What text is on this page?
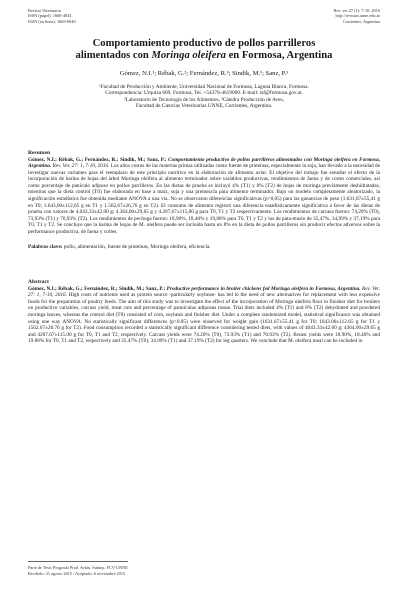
Revista Veterinaria
ISSN (papel): 1668-4834
ISSN (en línea): 1669-6840
Rev. vet 27 (1): 7-10, 2016
http://revistas.unne.edu.ar
Corrientes, Argentina
Comportamiento productivo de pollos parrilleros
alimentados con Moringa oleifera en Formosa, Argentina
Gómez, N.I.¹; Rébak, G.²; Fernández, R.³; Sindik, M.¹; Sanz, P.¹
¹Facultad de Producción y Ambiente, Universidad Nacional de Formosa, Laguna Blanca, Formosa.
Correspondencia: Urquiza 609, Formosa, Tel. +54370-4619009. E-mail: isf@formosa.gov.ar.
²Laboratorio de Tecnología de los Alimentos, ³Cátedra Producción de Aves,
Facultad de Ciencias Veterinarias UNNE, Corrientes, Argentina.
Resumen
Gómez, N.I.; Rébak, G.; Fernández, R.; Sindik, M.; Sanz, P.: Comportamiento productivo de pollos parrilleros alimentados con Moringa oleifera en Formosa, Argentina. Rev. Vet. 27: 1, 7-10, 2016. Los altos costos de las materias primas utilizadas como fuente de proteínas, especialmente la soja, han llevado a la necesidad de investigar nuevas variantes para el reemplazo de este principio nutritivo en la elaboración de alimento aviar. El objetivo del trabajo fue estudiar el efecto de la incorporación de harina de hojas del árbol Moringa oleifera al alimento terminador sobre variables productivas, rendimientos de faena y de cortes comerciales, así como porcentaje de panículo adiposo en pollos parrilleros. En las dietas de prueba se incluyó 4% (T1) y 8% (T2) de hojas de moringa previamente deshidratadas, mientras que la dieta control (T0) fue elaborada en base a maíz, soja y una premezcla para alimento terminador. Bajo un modelo completamente aleatorizado, la significación estadística fue obtenida mediante ANOVA a una vía. No se observaron diferencias significativas (p>0,05) para las ganancias de peso (1.631,67±55,41 g en T0; 1.643,00±112,65 g en T1 y 1.562,67±26,76 g en T2). El consumo de alimento registró una diferencia estadísticamente significativa a favor de las dietas de prueba con valores de 4.043,33±42,00 g; 4.364,00±29,65 g y 4.207,67±115,00 g para T0, T1 y T2 respectivamente. Los rendimientos de carcasa fueron: 74,20% (T0), 73,93% (T1) y 70,93% (T2). Los rendimientos de pechuga fueron: 18,90%, 18,40% y 19,88% para T0, T1 y T2 y los de pata-muslo de 35,47%, 34,99% y 37,19% para T0, T1 y T2. Se concluye que la harina de hojas de M. oleifera puede ser incluida hasta un 8% en la dieta de pollos parrilleros sin producir efectos adversos sobre la performance productiva, de faena y cortes.
Palabras clave: pollo, alimentación, fuente de proteínas, Moringa oleifera, eficiencia.
Abstract
Gómez, N.I.; Rébak, G.; Fernández, R.; Sindik, M.; Sanz, P.: Productive performance in broiler chickens fed Moringa oleifera in Formosa, Argentina. Rev. Vet. 27: 1, 7-10, 2016. High costs of nutrients used as protein source -particularly soybean- has led to the need of new alternatives for replacement with less expensive foods for the preparation of poultry feeds. The aim of this study was to investigate the effect of the incorporation of Moringa oleifera flour in finisher diet for broilers on productive variables, carcass yield, meat cuts and percentage of panniculus adiposus tissue. Trial diets included 4% (T1) and 8% (T2) dehydrated and powdered moringa leaves, whereas the control diet (T0) consisted of corn, soybean and finisher diet. Under a complete randomized model, statistical significance was obtained using one way ANOVA. No statistically significant differences (p>0.05) were observed for weight gain (1631.67±55.41 g for T0; 1643.00±112.65 g for T1 y 1562.67±26.76 g for T2). Food consumption recorded a statistically significant difference considering tested diets, with values of 4043.33±42.00 g; 4364.00±29.65 g and 4207.67±115.00 g for T0, T1 and T2, respectively. Carcass yields were 74.20% (T0), 73.93% (T1) and 70.93% (T2). Breast yields were 18.90%, 18.40% and 19.88% for T0, T1 and T2, respectively and 35.47% (T0), 34.99% (T1) and 37.19% (T2) for leg quarters. We conclude that M. oleifera meal can be included in
Parte de Tesis Posgrado Prod. Avián. Subtop. FCV-UNNE
Recibido: 21 agosto 2015 / Aceptado: 6 noviembre 2015
